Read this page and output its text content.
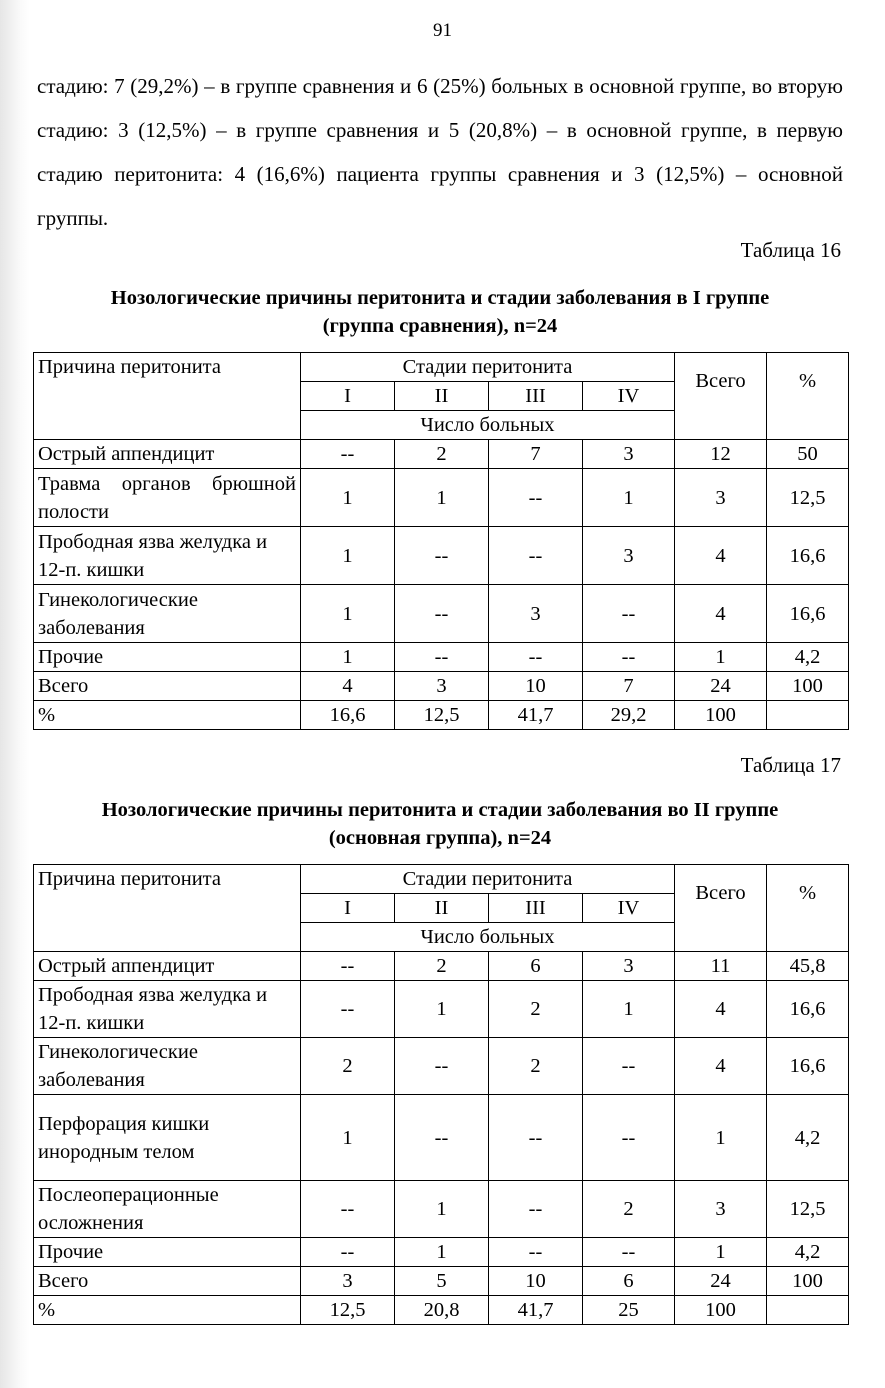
91

стадию: 7 (29,2%) – в группе сравнения и 6 (25%) больных в основной группе, во вторую стадию: 3 (12,5%) – в группе сравнения и 5 (20,8%) – в основной группе, в первую стадию перитонита: 4 (16,6%) пациента группы сравнения и 3 (12,5%) – основной группы.

Таблица 16
Нозологические причины перитонита и стадии заболевания в I группе
(группа сравнения), n=24
Причина перитонита	Стадии перитонита				Всего	%
	I	II	III	IV		
	Число больных					
Острый аппендицит	--	2	7	3	12	50

Травма органов брюшной полости	1	1	--	1	3	12,5
Прободная язва желудка и 12-п. кишки	1	--	--	3	4	16,6
Гинекологические заболевания	1	--	3	--	4	16,6
Прочие	1	--	--	--	1	4,2
Всего	4	3	10	7	24	100
%	16,6	12,5	41,7	29,2	100	
Таблица 17
Нозологические причины перитонита и стадии заболевания во II группе
(основная группа), n=24
Причина перитонита	Стадии перитонита				Всего	%
	I	II	III	IV		
	Число больных					
Острый аппендицит	--	2	6	3	11	45,8
Прободная язва желудка и 12-п. кишки	--	1	2	1	4	16,6
Гинекологические заболевания	2	--	2	--	4	16,6
Перфорация кишки инородным телом	1	--	--	--	1	4,2
Послеоперационные осложнения	--	1	--	2	3	12,5
Прочие	--	1	--	--	1	4,2
Всего	3	5	10	6	24	100
%	12,5	20,8	41,7	25	100	
